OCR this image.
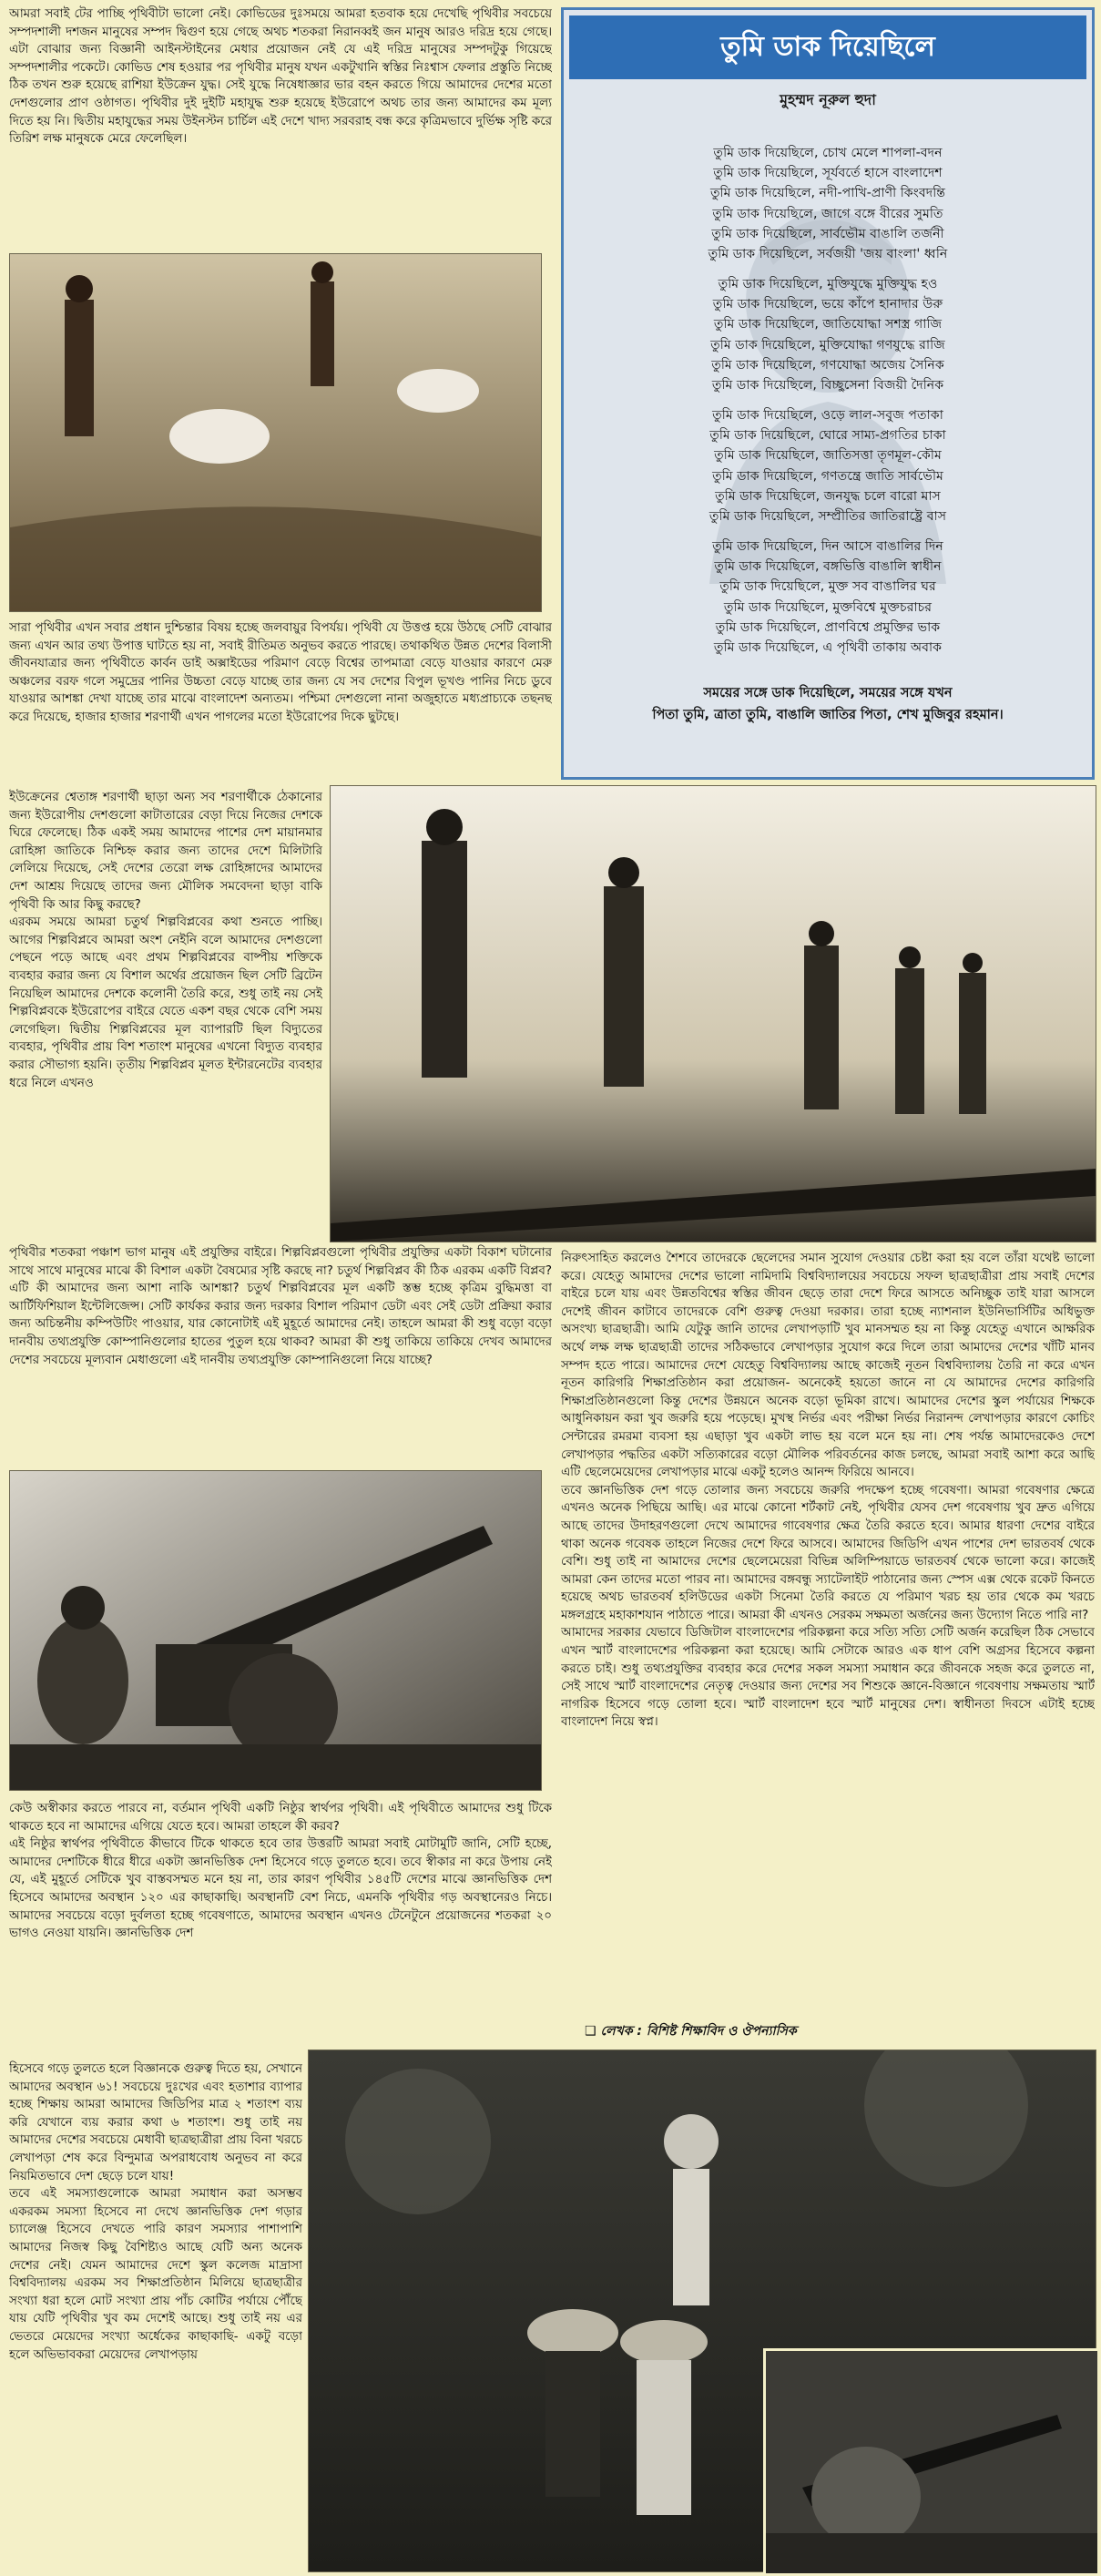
আমরা সবাই টের পাচ্ছি পৃথিবীটা ভালো নেই। কোভিডের দুঃসময়ে আমরা হতবাক হয়ে দেখেছি পৃথিবীর সবচেয়ে সম্পদশালী দশজন মানুষের সম্পদ দ্বিগুণ হয়ে গেছে অথচ শতকরা নিরানব্বই জন মানুষ আরও দরিদ্র হয়ে গেছে। এটা বোঝার জন্য বিজ্ঞানী আইনস্টাইনের মেধার প্রয়োজন নেই যে এই দরিদ্র মানুষের সম্পদটুকু গিয়েছে সম্পদশালীর পকেটে। কোভিড শেষ হওয়ার পর পৃথিবীর মানুষ যখন একটুখানি স্বস্তির নিঃশ্বাস ফেলার প্রস্তুতি নিচ্ছে ঠিক তখন শুরু হয়েছে রাশিয়া ইউক্রেন যুদ্ধ। সেই যুদ্ধে নিষেধাজ্ঞার ভার বহন করতে গিয়ে আমাদের দেশের মতো দেশগুলোর প্রাণ ওষ্ঠাগত। পৃথিবীর দুই দুইটি মহাযুদ্ধ শুরু হয়েছে ইউরোপে অথচ তার জন্য আমাদের কম মূল্য দিতে হয় নি। দ্বিতীয় মহাযুদ্ধের সময় উইনস্টন চার্চিল এই দেশে খাদ্য সরবরাহ বন্ধ করে কৃত্রিমভাবে দুর্ভিক্ষ সৃষ্টি করে তিরিশ লক্ষ মানুষকে মেরে ফেলেছিল।
তুমি ডাক দিয়েছিলে
মুহম্মদ নূরুল হুদা
তুমি ডাক দিয়েছিলে, চোখ মেলে শাপলা-বদন
তুমি ডাক দিয়েছিলে, সূর্যবর্তে হাসে বাংলাদেশ
তুমি ডাক দিয়েছিলে, নদী-পাখি-প্রাণী কিংবদন্তি
তুমি ডাক দিয়েছিলে, জাগে বঙ্গে বীরের সুমতি
তুমি ডাক দিয়েছিলে, সার্বভৌম বাঙালি তর্জনী
তুমি ডাক দিয়েছিলে, সর্বজয়ী 'জয় বাংলা' ধ্বনি
তুমি ডাক দিয়েছিলে, মুক্তিযুদ্ধে মুক্তিযুদ্ধ হও
তুমি ডাক দিয়েছিলে, ভয়ে কাঁপে হানাদার উরু
তুমি ডাক দিয়েছিলে, জাতিযোদ্ধা সশস্ত্র গাজি
তুমি ডাক দিয়েছিলে, মুক্তিযোদ্ধা গণযুদ্ধে রাজি
তুমি ডাক দিয়েছিলে, গণযোদ্ধা অজেয় সৈনিক
তুমি ডাক দিয়েছিলে, বিচ্ছুসেনা বিজয়ী দৈনিক
তুমি ডাক দিয়েছিলে, ওড়ে লাল-সবুজ পতাকা
তুমি ডাক দিয়েছিলে, ঘোরে সাম্য-প্রগতির চাকা
তুমি ডাক দিয়েছিলে, জাতিসত্তা তৃণমূল-কৌম
তুমি ডাক দিয়েছিলে, গণতন্ত্রে জাতি সার্বভৌম
তুমি ডাক দিয়েছিলে, জনযুদ্ধ চলে বারো মাস
তুমি ডাক দিয়েছিলে, সম্প্রীতির জাতিরাষ্ট্রে বাস
তুমি ডাক দিয়েছিলে, দিন আসে বাঙালির দিন
তুমি ডাক দিয়েছিলে, বঙ্গভিত্তি বাঙালি স্বাধীন
তুমি ডাক দিয়েছিলে, মুক্ত সব বাঙালির ঘর
তুমি ডাক দিয়েছিলে, মুক্তবিশ্বে মুক্তচরাচর
তুমি ডাক দিয়েছিলে, প্রাণবিশ্বে প্রমুক্তির ভাক
তুমি ডাক দিয়েছিলে, এ পৃথিবী তাকায় অবাক
সময়ের সঙ্গে ডাক দিয়েছিলে, সময়ের সঙ্গে যখন
পিতা তুমি, ত্রাতা তুমি, বাঙালি জাতির পিতা, শেখ মুজিবুর রহমান।
সারা পৃথিবীর এখন সবার প্রধান দুশ্চিন্তার বিষয় হচ্ছে জলবায়ুর বিপর্যয়। পৃথিবী যে উত্তপ্ত হয়ে উঠছে সেটি বোঝার জন্য এখন আর তথ্য উপাত্ত ঘাটতে হয় না, সবাই রীতিমত অনুভব করতে পারছে। তথাকথিত উন্নত দেশের বিলাসী জীবনযাত্রার জন্য পৃথিবীতে কার্বন ডাই অক্সাইডের পরিমাণ বেড়ে বিশ্বের তাপমাত্রা বেড়ে যাওয়ার কারণে মেরু অঞ্চলের বরফ গলে সমুদ্রের পানির উচ্চতা বেড়ে যাচ্ছে তার জন্য যে সব দেশের বিপুল ভূখণ্ড পানির নিচে ডুবে যাওয়ার আশঙ্কা দেখা যাচ্ছে তার মাঝে বাংলাদেশ অন্যতম। পশ্চিমা দেশগুলো নানা অজুহাতে মধ্যপ্রাচ্যকে তছনছ করে দিয়েছে, হাজার হাজার শরণার্থী এখন পাগলের মতো ইউরোপের দিকে ছুটছে।
ইউক্রেনের শ্বেতাঙ্গ শরণার্থী ছাড়া অন্য সব শরণার্থীকে ঠেকানোর জন্য ইউরোপীয় দেশগুলো কাটাতারের বেড়া দিয়ে নিজের দেশকে ঘিরে ফেলেছে। ঠিক একই সময় আমাদের পাশের দেশ মায়ানমার রোহিঙ্গা জাতিকে নিশ্চিহ্ন করার জন্য তাদের দেশে মিলিটারি লেলিয়ে দিয়েছে, সেই দেশের তেরো লক্ষ রোহিঙ্গাদের আমাদের দেশ আশ্রয় দিয়েছে তাদের জন্য মৌলিক সমবেদনা ছাড়া বাকি পৃথিবী কি আর কিছু করছে?
এরকম সময়ে আমরা চতুর্থ শিল্পবিপ্লবের কথা শুনতে পাচ্ছি। আগের শিল্পবিপ্লবে আমরা অংশ নেইনি বলে আমাদের দেশগুলো পেছনে পড়ে আছে এবং প্রথম শিল্পবিপ্লবের বাষ্পীয় শক্তিকে ব্যবহার করার জন্য যে বিশাল অর্থের প্রয়োজন ছিল সেটি ব্রিটেন নিয়েছিল আমাদের দেশকে কলোনী তৈরি করে, শুধু তাই নয় সেই শিল্পবিপ্লবকে ইউরোপের বাইরে যেতে একশ বছর থেকে বেশি সময় লেগেছিল। দ্বিতীয় শিল্পবিপ্লবের মূল ব্যাপারটি ছিল বিদ্যুতের ব্যবহার, পৃথিবীর প্রায় বিশ শতাংশ মানুষের এখনো বিদ্যুত ব্যবহার করার সৌভাগ্য হয়নি। তৃতীয় শিল্পবিপ্লব মূলত ইন্টারনেটের ব্যবহার ধরে নিলে এখনও
পৃথিবীর শতকরা পঞ্চাশ ভাগ মানুষ এই প্রযুক্তির বাইরে। শিল্পবিপ্লবগুলো পৃথিবীর প্রযুক্তির একটা বিকাশ ঘটানোর সাথে সাথে মানুষের মাঝে কী বিশাল একটা বৈষম্যের সৃষ্টি করছে না? চতুর্থ শিল্পবিপ্লব কী ঠিক এরকম একটি বিপ্লব? এটি কী আমাদের জন্য আশা নাকি আশঙ্কা? চতুর্থ শিল্পবিপ্লবের মূল একটি স্তম্ভ হচ্ছে কৃত্রিম বুদ্ধিমত্তা বা আর্টিফিশিয়াল ইন্টেলিজেন্স। সেটি কার্যকর করার জন্য দরকার বিশাল পরিমাণ ডেটা এবং সেই ডেটা প্রক্রিয়া করার জন্য অচিন্তনীয় কম্পিউটিং পাওয়ার, যার কোনোটাই এই মুহূর্তে আমাদের নেই। তাহলে আমরা কী শুধু বড়ো বড়ো দানবীয় তথ্যপ্রযুক্তি কোম্পানিগুলোর হাতের পুতুল হয়ে থাকব? আমরা কী শুধু তাকিয়ে তাকিয়ে দেখব আমাদের দেশের সবচেয়ে মূল্যবান মেধাগুলো এই দানবীয় তথ্যপ্রযুক্তি কোম্পানিগুলো নিয়ে যাচ্ছে?
কেউ অস্বীকার করতে পারবে না, বর্তমান পৃথিবী একটি নিষ্ঠুর স্বার্থপর পৃথিবী। এই পৃথিবীতে আমাদের শুধু টিকে থাকতে হবে না আমাদের এগিয়ে যেতে হবে। আমরা তাহলে কী করব?
এই নিষ্ঠুর স্বার্থপর পৃথিবীতে কীভাবে টিকে থাকতে হবে তার উত্তরটি আমরা সবাই মোটামুটি জানি, সেটি হচ্ছে, আমাদের দেশটিকে ধীরে ধীরে একটা জ্ঞানভিত্তিক দেশ হিসেবে গড়ে তুলতে হবে। তবে স্বীকার না করে উপায় নেই যে, এই মুহূর্তে সেটিকে খুব বাস্তবসম্মত মনে হয় না, তার কারণ পৃথিবীর ১৪৫টি দেশের মাঝে জ্ঞানভিত্তিক দেশ হিসেবে আমাদের অবস্থান ১২০ এর কাছাকাছি। অবস্থানটি বেশ নিচে, এমনকি পৃথিবীর গড় অবস্থানেরও নিচে। আমাদের সবচেয়ে বড়ো দুর্বলতা হচ্ছে গবেষণাতে, আমাদের অবস্থান এখনও টেনেটুনে প্রয়োজনের শতকরা ২০ ভাগও নেওয়া যায়নি। জ্ঞানভিত্তিক দেশ
হিসেবে গড়ে তুলতে হলে বিজ্ঞানকে গুরুত্ব দিতে হয়, সেখানে আমাদের অবস্থান ৬১! সবচেয়ে দুঃখের এবং হতাশার ব্যাপার হচ্ছে শিক্ষায় আমরা আমাদের জিডিপির মাত্র ২ শতাংশ ব্যয় করি যেখানে ব্যয় করার কথা ৬ শতাংশ। শুধু তাই নয় আমাদের দেশের সবচেয়ে মেধাবী ছাত্রছাত্রীরা প্রায় বিনা খরচে লেখাপড়া শেষ করে বিন্দুমাত্র অপরাধবোধ অনুভব না করে নিয়মিতভাবে দেশ ছেড়ে চলে যায়!
তবে এই সমস্যাগুলোকে আমরা সমাধান করা অসম্ভব একরকম সমস্যা হিসেবে না দেখে জ্ঞানভিত্তিক দেশ গড়ার চ্যালেঞ্জ হিসেবে দেখতে পারি কারণ সমস্যার পাশাপাশি আমাদের নিজস্ব কিছু বৈশিষ্ট্যও আছে যেটি অন্য অনেক দেশের নেই। যেমন আমাদের দেশে স্কুল কলেজ মাদ্রাসা বিশ্ববিদ্যালয় এরকম সব শিক্ষাপ্রতিষ্ঠান মিলিয়ে ছাত্রছাত্রীর সংখ্যা ধরা হলে মোট সংখ্যা প্রায় পাঁচ কোটির পর্যায়ে পৌঁছে যায় যেটি পৃথিবীর খুব কম দেশেই আছে। শুধু তাই নয় এর ভেতরে মেয়েদের সংখ্যা অর্ধেকের কাছাকাছি- একটু বড়ো হলে অভিভাবকরা মেয়েদের লেখাপড়ায়
নিরুৎসাহিত করলেও শৈশবে তাদেরকে ছেলেদের সমান সুযোগ দেওয়ার চেষ্টা করা হয় বলে তাঁরা যথেষ্ট ভালো করে। যেহেতু আমাদের দেশের ভালো নামিদামি বিশ্ববিদ্যালয়ের সবচেয়ে সফল ছাত্রছাত্রীরা প্রায় সবাই দেশের বাইরে চলে যায় এবং উন্নতবিশ্বের স্বস্তির জীবন ছেড়ে তারা দেশে ফিরে আসতে অনিচ্ছুক তাই যারা আসলে দেশেই জীবন কাটাবে তাদেরকে বেশি গুরুত্ব দেওয়া দরকার। তারা হচ্ছে ন্যাশনাল ইউনিভার্সিটির অধিভুক্ত অসংখ্য ছাত্রছাত্রী। আমি যেটুকু জানি তাদের লেখাপড়াটি খুব মানসম্মত হয় না কিন্তু যেহেতু এখানে আক্ষরিক অর্থে লক্ষ লক্ষ ছাত্রছাত্রী তাদের সঠিকভাবে লেখাপড়ার সুযোগ করে দিলে তারা আমাদের দেশের খাঁটি মানব সম্পদ হতে পারে। আমাদের দেশে যেহেতু বিশ্ববিদ্যালয় আছে কাজেই নূতন বিশ্ববিদ্যালয় তৈরি না করে এখন নূতন কারিগরি শিক্ষাপ্রতিষ্ঠান করা প্রয়োজন- অনেকেই হয়তো জানে না যে আমাদের দেশের কারিগরি শিক্ষাপ্রতিষ্ঠানগুলো কিন্তু দেশের উন্নয়নে অনেক বড়ো ভূমিকা রাখে। আমাদের দেশের স্কুল পর্যায়ের শিক্ষকে আধুনিকায়ন করা খুব জরুরি হয়ে পড়েছে। মুখস্থ নির্ভর এবং পরীক্ষা নির্ভর নিরানন্দ লেখাপড়ার কারণে কোচিং সেন্টারের রমরমা ব্যবসা হয় এছাড়া খুব একটা লাভ হয় বলে মনে হয় না। শেষ পর্যন্ত আমাদেরকেও দেশে লেখাপড়ার পদ্ধতির একটা সত্যিকারের বড়ো মৌলিক পরিবর্তনের কাজ চলছে, আমরা সবাই আশা করে আছি এটি ছেলেমেয়েদের লেখাপড়ার মাঝে একটু হলেও আনন্দ ফিরিয়ে আনবে।
তবে জ্ঞানভিত্তিক দেশ গড়ে তোলার জন্য সবচেয়ে জরুরি পদক্ষেপ হচ্ছে গবেষণা। আমরা গবেষণার ক্ষেত্রে এখনও অনেক পিছিয়ে আছি। এর মাঝে কোনো শর্টকাট নেই, পৃথিবীর যেসব দেশ গবেষণায় খুব দ্রুত এগিয়ে আছে তাদের উদাহরণগুলো দেখে আমাদের গাবেষণার ক্ষেত্র তৈরি করতে হবে। আমার ধারণা দেশের বাইরে থাকা অনেক গবেষক তাহলে নিজের দেশে ফিরে আসবে। আমাদের জিডিপি এখন পাশের দেশ ভারতবর্ষ থেকে বেশি। শুধু তাই না আমাদের দেশের ছেলেমেয়েরা বিভিন্ন অলিম্পিয়াডে ভারতবর্ষ থেকে ভালো করে। কাজেই আমরা কেন তাদের মতো পারব না। আমাদের বঙ্গবন্ধু স্যাটেলাইট পাঠানোর জন্য স্পেস এক্স থেকে রকেট কিনতে হয়েছে অথচ ভারতবর্ষ হলিউডের একটা সিনেমা তৈরি করতে যে পরিমাণ খরচ হয় তার থেকে কম খরচে মঙ্গলগ্রহে মহাকাশযান পাঠাতে পারে। আমরা কী এখনও সেরকম সক্ষমতা অর্জনের জন্য উদ্যোগ নিতে পারি না?
আমাদের সরকার যেভাবে ডিজিটাল বাংলাদেশের পরিকল্পনা করে সত্যি সত্যি সেটি অর্জন করেছিল ঠিক সেভাবে এখন স্মার্ট বাংলাদেশের পরিকল্পনা করা হয়েছে। আমি সেটাকে আরও এক ধাপ বেশি অগ্রসর হিসেবে কল্পনা করতে চাই। শুধু তথ্যপ্রযুক্তির ব্যবহার করে দেশের সকল সমস্যা সমাধান করে জীবনকে সহজ করে তুলতে না, সেই সাথে স্মার্ট বাংলাদেশের নেতৃত্ব দেওয়ার জন্য দেশের সব শিশুকে জ্ঞানে-বিজ্ঞানে গবেষণায় সক্ষমতায় স্মার্ট নাগরিক হিসেবে গড়ে তোলা হবে। স্মার্ট বাংলাদেশ হবে স্মার্ট মানুষের দেশ। স্বাধীনতা দিবসে এটাই হচ্ছে বাংলাদেশ নিয়ে স্বপ্ন।
❑ লেখক : বিশিষ্ট শিক্ষাবিদ ও ঔপন্যাসিক
